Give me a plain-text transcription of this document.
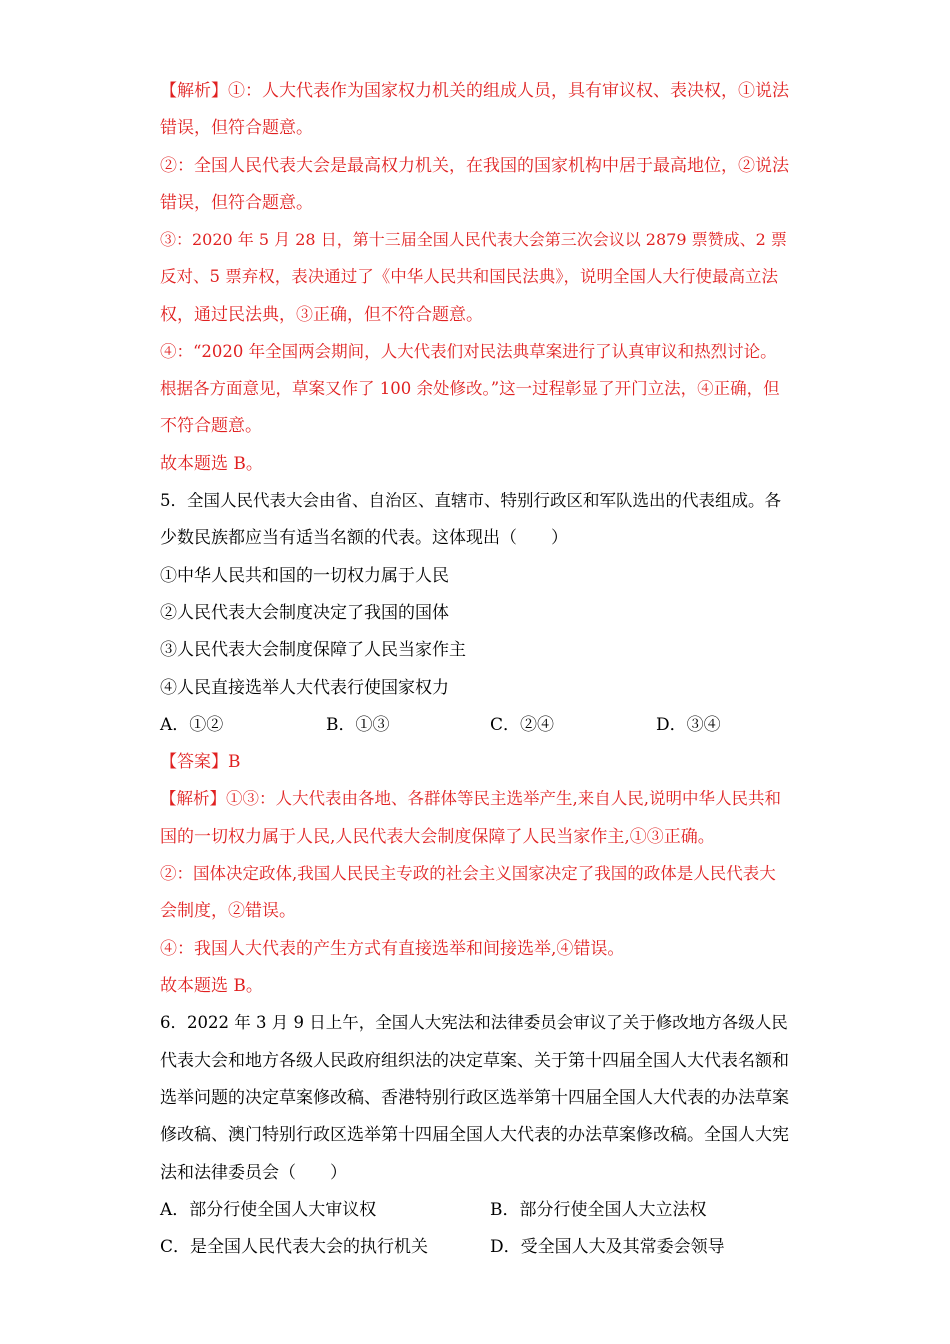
【解析】①：人大代表作为国家权力机关的组成人员，具有审议权、表决权，①说法
错误，但符合题意。
②：全国人民代表大会是最高权力机关，在我国的国家机构中居于最高地位，②说法
错误，但符合题意。
③：2020 年 5 月 28 日，第十三届全国人民代表大会第三次会议以 2879 票赞成、2 票
反对、5 票弃权，表决通过了《中华人民共和国民法典》，说明全国人大行使最高立法
权，通过民法典，③正确，但不符合题意。
④：“2020 年全国两会期间，人大代表们对民法典草案进行了认真审议和热烈讨论。
根据各方面意见，草案又作了 100 余处修改。”这一过程彰显了开门立法，④正确，但
不符合题意。
故本题选 B。
5．全国人民代表大会由省、自治区、直辖市、特别行政区和军队选出的代表组成。各
少数民族都应当有适当名额的代表。这体现出（　　）
①中华人民共和国的一切权力属于人民
②人民代表大会制度决定了我国的国体
③人民代表大会制度保障了人民当家作主
④人民直接选举人大代表行使国家权力
A．①②	B．①③	C．②④	D．③④
【答案】B
【解析】①③：人大代表由各地、各群体等民主选举产生,来自人民,说明中华人民共和
国的一切权力属于人民,人民代表大会制度保障了人民当家作主,①③正确。
②：国体决定政体,我国人民民主专政的社会主义国家决定了我国的政体是人民代表大
会制度，②错误。
④：我国人大代表的产生方式有直接选举和间接选举,④错误。
故本题选 B。
6．2022 年 3 月 9 日上午，全国人大宪法和法律委员会审议了关于修改地方各级人民
代表大会和地方各级人民政府组织法的决定草案、关于第十四届全国人大代表名额和
选举问题的决定草案修改稿、香港特别行政区选举第十四届全国人大代表的办法草案
修改稿、澳门特别行政区选举第十四届全国人大代表的办法草案修改稿。全国人大宪
法和法律委员会（　　）
A．部分行使全国人大审议权	B．部分行使全国人大立法权
C．是全国人民代表大会的执行机关	D．受全国人大及其常委会领导
